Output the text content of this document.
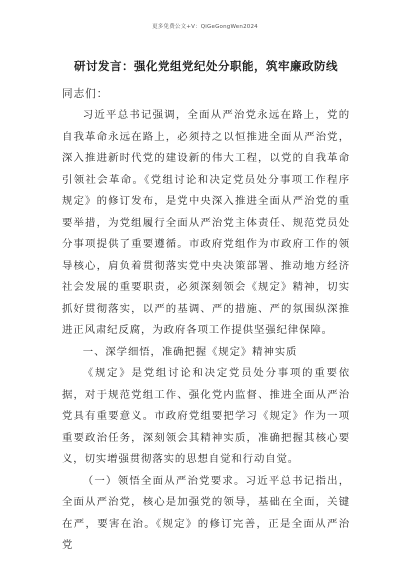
更多免费公文+V：QiGeGongWen2024
研讨发言：强化党组党纪处分职能，筑牢廉政防线
同志们：

习近平总书记强调，全面从严治党永远在路上，党的自我革命永远在路上，必须持之以恒推进全面从严治党，深入推进新时代党的建设新的伟大工程，以党的自我革命引领社会革命。《党组讨论和决定党员处分事项工作程序规定》的修订发布，是党中央深入推进全面从严治党的重要举措，为党组履行全面从严治党主体责任、规范党员处分事项提供了重要遵循。市政府党组作为市政府工作的领导核心，肩负着贯彻落实党中央决策部署、推动地方经济社会发展的重要职责，必须深刻领会《规定》精神，切实抓好贯彻落实，以严的基调、严的措施、严的氛围纵深推进正风肃纪反腐，为政府各项工作提供坚强纪律保障。

一、深学细悟，准确把握《规定》精神实质

《规定》是党组讨论和决定党员处分事项的重要依据，对于规范党组工作、强化党内监督、推进全面从严治党具有重要意义。市政府党组要把学习《规定》作为一项重要政治任务，深刻领会其精神实质，准确把握其核心要义，切实增强贯彻落实的思想自觉和行动自觉。

（一）领悟全面从严治党要求。习近平总书记指出，全面从严治党，核心是加强党的领导，基础在全面，关键在严，要害在治。《规定》的修订完善，正是全面从严治党
